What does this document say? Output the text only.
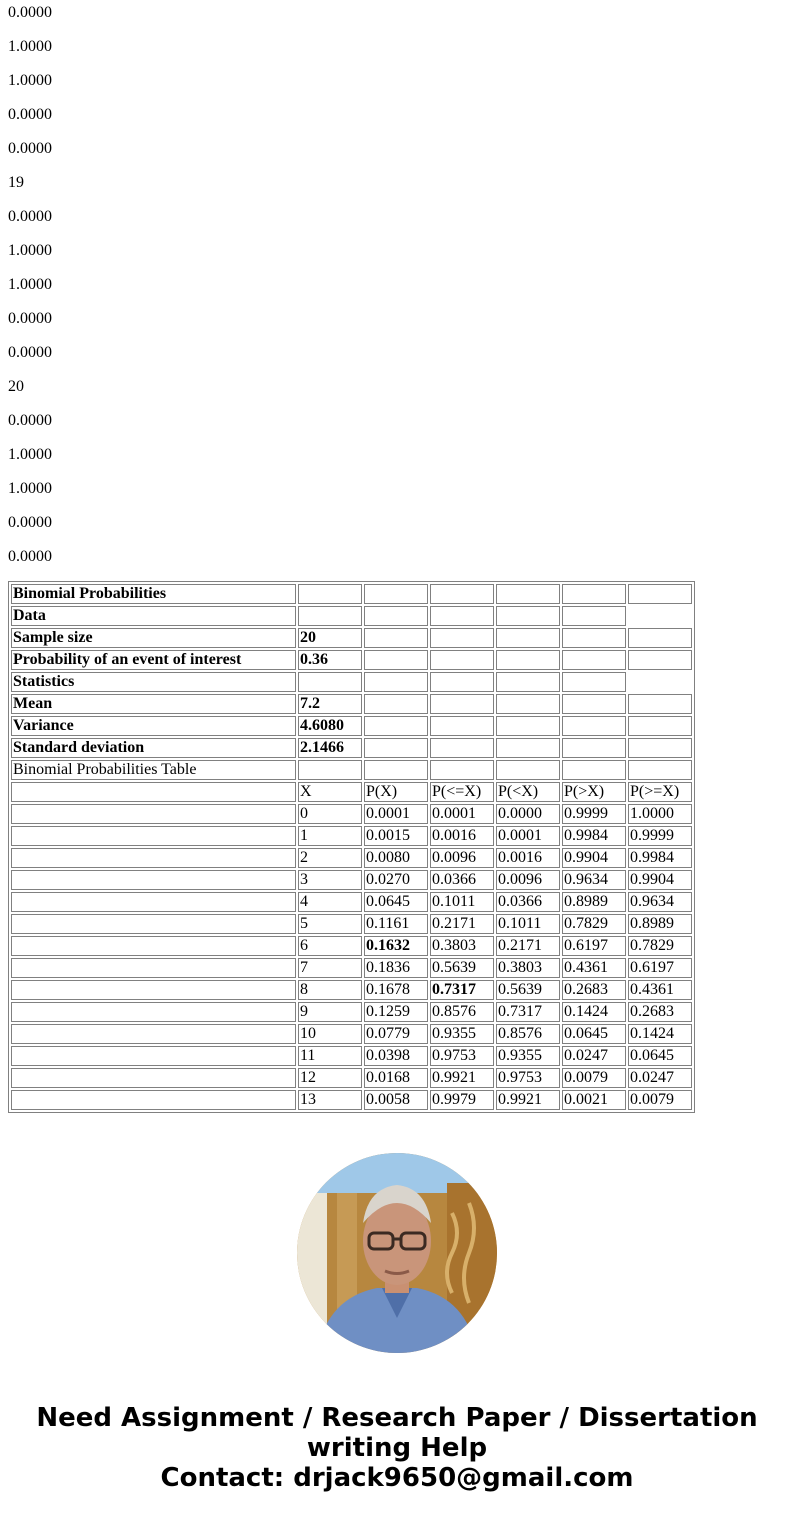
0.0000

1.0000

1.0000

0.0000

0.0000

19

0.0000

1.0000

1.0000

0.0000

0.0000

20

0.0000

1.0000

1.0000

0.0000

0.0000

Binomial Probabilities						
Data						
Sample size	20					
Probability of an event of interest	0.36					
Statistics						
Mean	7.2					
Variance	4.6080					
Standard deviation	2.1466					
Binomial Probabilities Table						
	X	P(X)	P(<=X)	P(<X)	P(>X)	P(>=X)
	0	0.0001	0.0001	0.0000	0.9999	1.0000
	1	0.0015	0.0016	0.0001	0.9984	0.9999
	2	0.0080	0.0096	0.0016	0.9904	0.9984
	3	0.0270	0.0366	0.0096	0.9634	0.9904
	4	0.0645	0.1011	0.0366	0.8989	0.9634
	5	0.1161	0.2171	0.1011	0.7829	0.8989
	6	0.1632	0.3803	0.2171	0.6197	0.7829
	7	0.1836	0.5639	0.3803	0.4361	0.6197
	8	0.1678	0.7317	0.5639	0.2683	0.4361
	9	0.1259	0.8576	0.7317	0.1424	0.2683
	10	0.0779	0.9355	0.8576	0.0645	0.1424
	11	0.0398	0.9753	0.9355	0.0247	0.0645
	12	0.0168	0.9921	0.9753	0.0079	0.0247
	13	0.0058	0.9979	0.9921	0.0021	0.0079
Need Assignment / Research Paper / Dissertation
writing Help
Contact: drjack9650@gmail.com
